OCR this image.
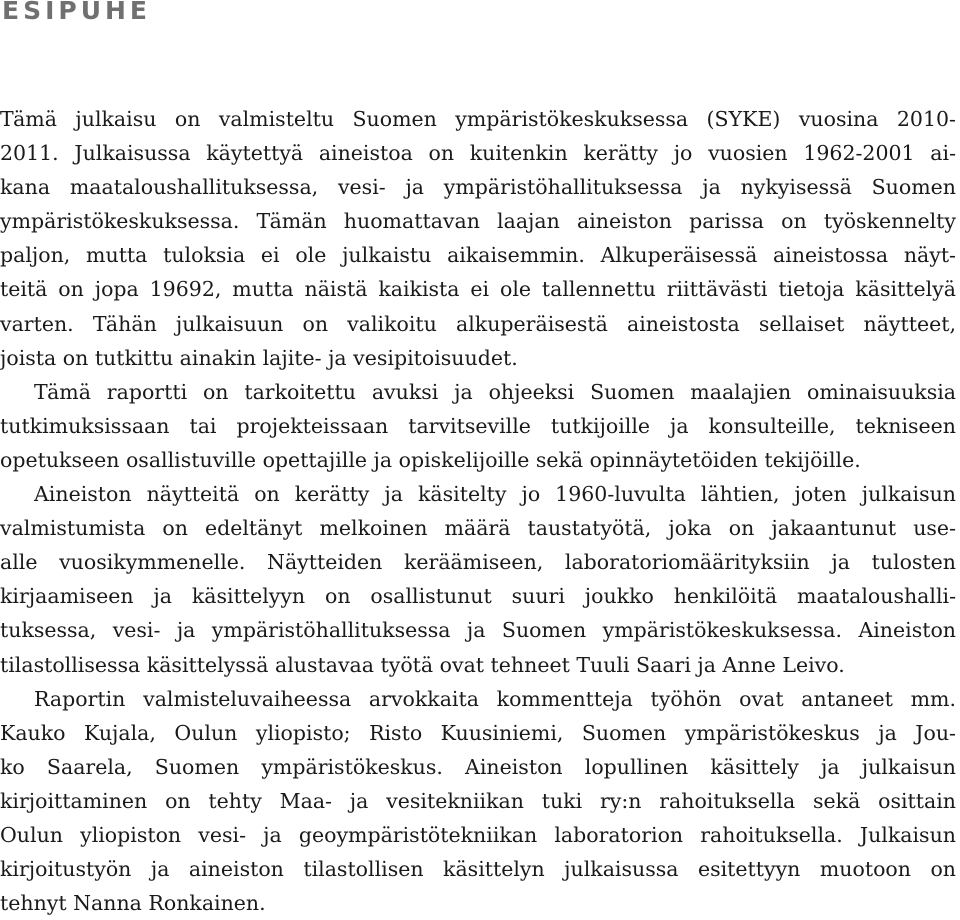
ESIPUHE

Tämä julkaisu on valmisteltu Suomen ympäristökeskuksessa (SYKE) vuosina 2010-
2011. Julkaisussa käytettyä aineistoa on kuitenkin kerätty jo vuosien 1962-2001 ai-
kana maataloushallituksessa, vesi- ja ympäristöhallituksessa ja nykyisessä Suomen
ympäristökeskuksessa. Tämän huomattavan laajan aineiston parissa on työskennelty
paljon, mutta tuloksia ei ole julkaistu aikaisemmin. Alkuperäisessä aineistossa näyt-
teitä on jopa 19692, mutta näistä kaikista ei ole tallennettu riittävästi tietoja käsittelyä
varten. Tähän julkaisuun on valikoitu alkuperäisestä aineistosta sellaiset näytteet,
joista on tutkittu ainakin lajite- ja vesipitoisuudet.

Tämä raportti on tarkoitettu avuksi ja ohjeeksi Suomen maalajien ominaisuuksia
tutkimuksissaan tai projekteissaan tarvitseville tutkijoille ja konsulteille, tekniseen
opetukseen osallistuville opettajille ja opiskelijoille sekä opinnäytetöiden tekijöille.

Aineiston näytteitä on kerätty ja käsitelty jo 1960-luvulta lähtien, joten julkaisun
valmistumista on edeltänyt melkoinen määrä taustatyötä, joka on jakaantunut use-
alle vuosikymmenelle. Näytteiden keräämiseen, laboratoriomäärityksiin ja tulosten
kirjaamiseen ja käsittelyyn on osallistunut suuri joukko henkilöitä maataloushalli-
tuksessa, vesi- ja ympäristöhallituksessa ja Suomen ympäristökeskuksessa. Aineiston
tilastollisessa käsittelyssä alustavaa työtä ovat tehneet Tuuli Saari ja Anne Leivo.

Raportin valmisteluvaiheessa arvokkaita kommentteja työhön ovat antaneet mm.
Kauko Kujala, Oulun yliopisto; Risto Kuusiniemi, Suomen ympäristökeskus ja Jou-
ko Saarela, Suomen ympäristökeskus. Aineiston lopullinen käsittely ja julkaisun
kirjoittaminen on tehty Maa- ja vesitekniikan tuki ry:n rahoituksella sekä osittain
Oulun yliopiston vesi- ja geoympäristötekniikan laboratorion rahoituksella. Julkaisun
kirjoitustyön ja aineiston tilastollisen käsittelyn julkaisussa esitettyyn muotoon on
tehnyt Nanna Ronkainen.
